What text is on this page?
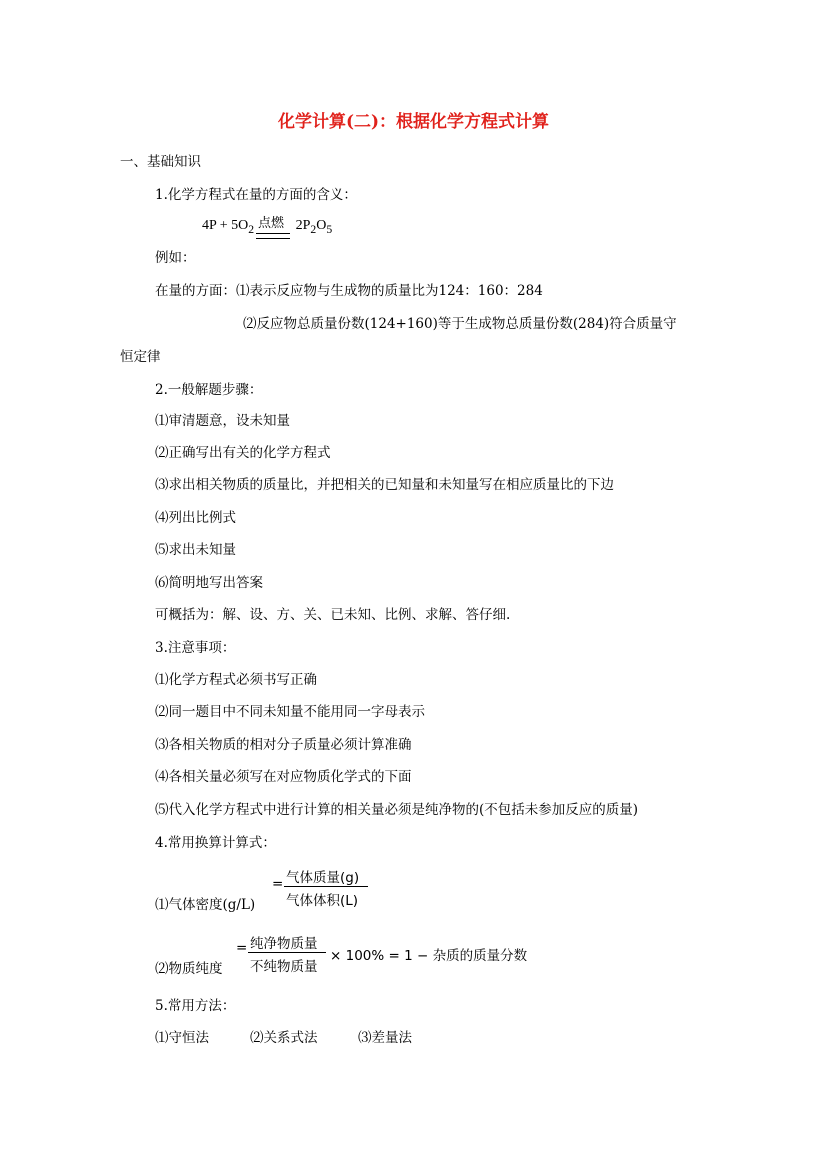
化学计算(二)：根据化学方程式计算
一、基础知识
1.化学方程式在量的方面的含义：
$4P + 5O_2$ 点燃 $2P_2O_5$
例如：
在量的方面：⑴表示反应物与生成物的质量比为124：160：284
⑵反应物总质量份数(124+160)等于生成物总质量份数(284)符合质量守
恒定律
2.一般解题步骤：
⑴审清题意，设未知量
⑵正确写出有关的化学方程式
⑶求出相关物质的质量比，并把相关的已知量和未知量写在相应质量比的下边
⑷列出比例式
⑸求出未知量
⑹简明地写出答案
可概括为：解、设、方、关、已未知、比例、求解、答仔细.
3.注意事项：
⑴化学方程式必须书写正确
⑵同一题目中不同未知量不能用同一字母表示
⑶各相关物质的相对分子质量必须计算准确
⑷各相关量必须写在对应物质化学式的下面
⑸代入化学方程式中进行计算的相关量必须是纯净物的(不包括未参加反应的质量)
4.常用换算计算式：
⑴气体密度(g/L)
= 气体质量(g)
气体体积(L)
⑵物质纯度
= 纯净物质量
不纯物质量
× 100% = 1 − 杂质的质量分数
5.常用方法：
⑴守恒法	⑵关系式法	⑶差量法
